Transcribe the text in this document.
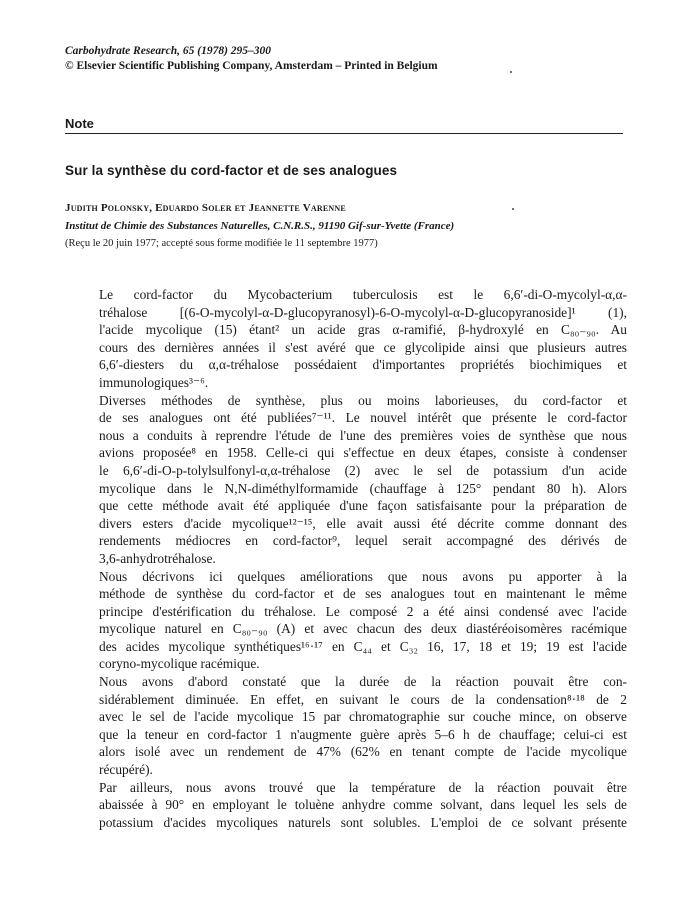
Carbohydrate Research, 65 (1978) 295–300
© Elsevier Scientific Publishing Company, Amsterdam – Printed in Belgium
Note
Sur la synthèse du cord-factor et de ses analogues
Judith Polonsky, Eduardo Soler et Jeannette Varenne
Institut de Chimie des Substances Naturelles, C.N.R.S., 91190 Gif-sur-Yvette (France)
(Reçu le 20 juin 1977; accepté sous forme modifiée le 11 septembre 1977)

Le cord-factor du Mycobacterium tuberculosis est le 6,6′-di-O-mycolyl-α,α-
tréhalose [(6-O-mycolyl-α-D-glucopyranosyl)-6-O-mycolyl-α-D-glucopyranoside]¹ (1),
l'acide mycolique (15) étant² un acide gras α-ramifié, β-hydroxylé en C₈₀₋₉₀. Au
cours des dernières années il s'est avéré que ce glycolipide ainsi que plusieurs autres
6,6′-diesters du α,α-tréhalose possédaient d'importantes propriétés biochimiques et
immunologiques³⁻⁶.

Diverses méthodes de synthèse, plus ou moins laborieuses, du cord-factor et
de ses analogues ont été publiées⁷⁻¹¹. Le nouvel intérêt que présente le cord-factor
nous a conduits à reprendre l'étude de l'une des premières voies de synthèse que nous
avions proposée⁸ en 1958. Celle-ci qui s'effectue en deux étapes, consiste à condenser
le 6,6′-di-O-p-tolylsulfonyl-α,α-tréhalose (2) avec le sel de potassium d'un acide
mycolique dans le N,N-diméthylformamide (chauffage à 125° pendant 80 h). Alors
que cette méthode avait été appliquée d'une façon satisfaisante pour la préparation de
divers esters d'acide mycolique¹²⁻¹⁵, elle avait aussi été décrite comme donnant des
rendements médiocres en cord-factor⁹, lequel serait accompagné des dérivés de
3,6-anhydrotréhalose.

Nous décrivons ici quelques améliorations que nous avons pu apporter à la
méthode de synthèse du cord-factor et de ses analogues tout en maintenant le même
principe d'estérification du tréhalose. Le composé 2 a été ainsi condensé avec l'acide
mycolique naturel en C₈₀₋₉₀ (A) et avec chacun des deux diastéréoisomères racémique
des acides mycolique synthétiques¹⁶·¹⁷ en C₄₄ et C₃₂ 16, 17, 18 et 19; 19 est l'acide
coryno-mycolique racémique.

Nous avons d'abord constaté que la durée de la réaction pouvait être con-
sidérablement diminuée. En effet, en suivant le cours de la condensation⁸·¹⁸ de 2
avec le sel de l'acide mycolique 15 par chromatographie sur couche mince, on observe
que la teneur en cord-factor 1 n'augmente guère après 5–6 h de chauffage; celui-ci est
alors isolé avec un rendement de 47% (62% en tenant compte de l'acide mycolique
récupéré).

Par ailleurs, nous avons trouvé que la température de la réaction pouvait être
abaissée à 90° en employant le toluène anhydre comme solvant, dans lequel les sels de
potassium d'acides mycoliques naturels sont solubles. L'emploi de ce solvant présente
